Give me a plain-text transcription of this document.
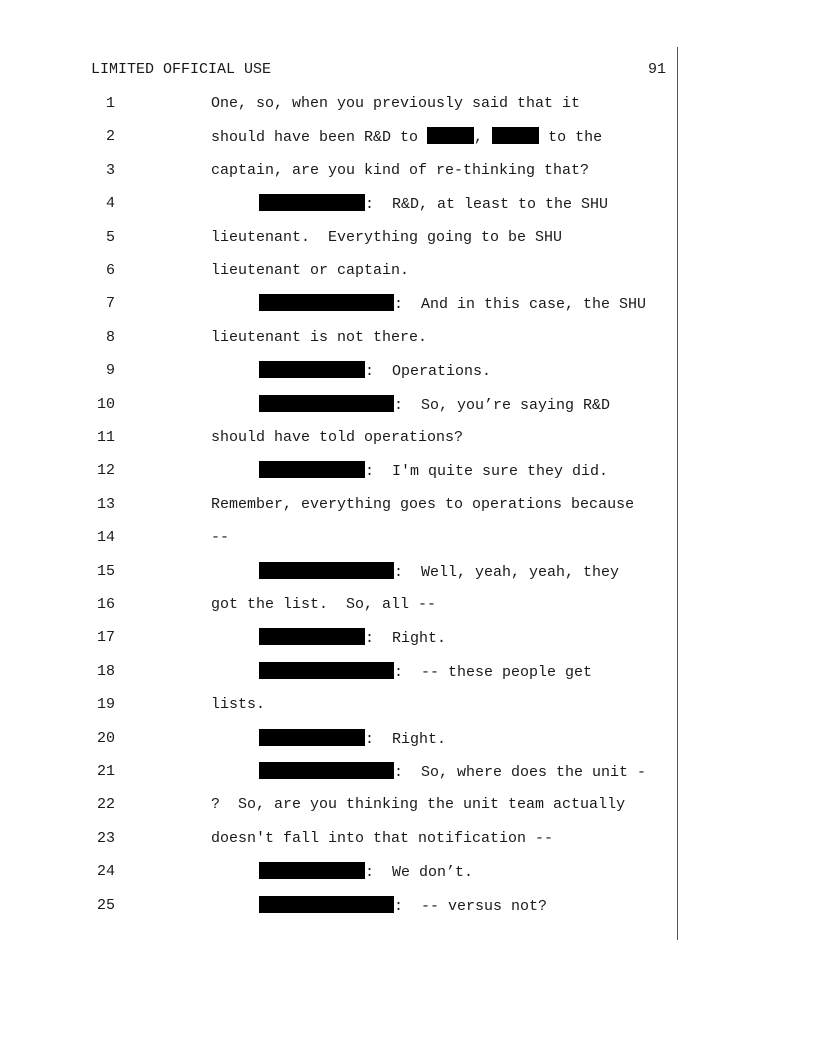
LIMITED OFFICIAL USE	91
1	One, so, when you previously said that it
2	should have been R&D to	,	to the
3	captain, are you kind of re-thinking that?
4	:  R&D, at least to the SHU
5	lieutenant.  Everything going to be SHU
6	lieutenant or captain.
7	:  And in this case, the SHU
8	lieutenant is not there.
9	:  Operations.
10	:  So, you’re saying R&D
11	should have told operations?
12	:  I'm quite sure they did.
13	Remember, everything goes to operations because
14	--
15	:  Well, yeah, yeah, they
16	got the list.  So, all --
17	:  Right.
18	:  -- these people get
19	lists.
20	:  Right.
21	:  So, where does the unit -
22	?  So, are you thinking the unit team actually
23	doesn't fall into that notification --
24	:  We don’t.
25	:  -- versus not?
